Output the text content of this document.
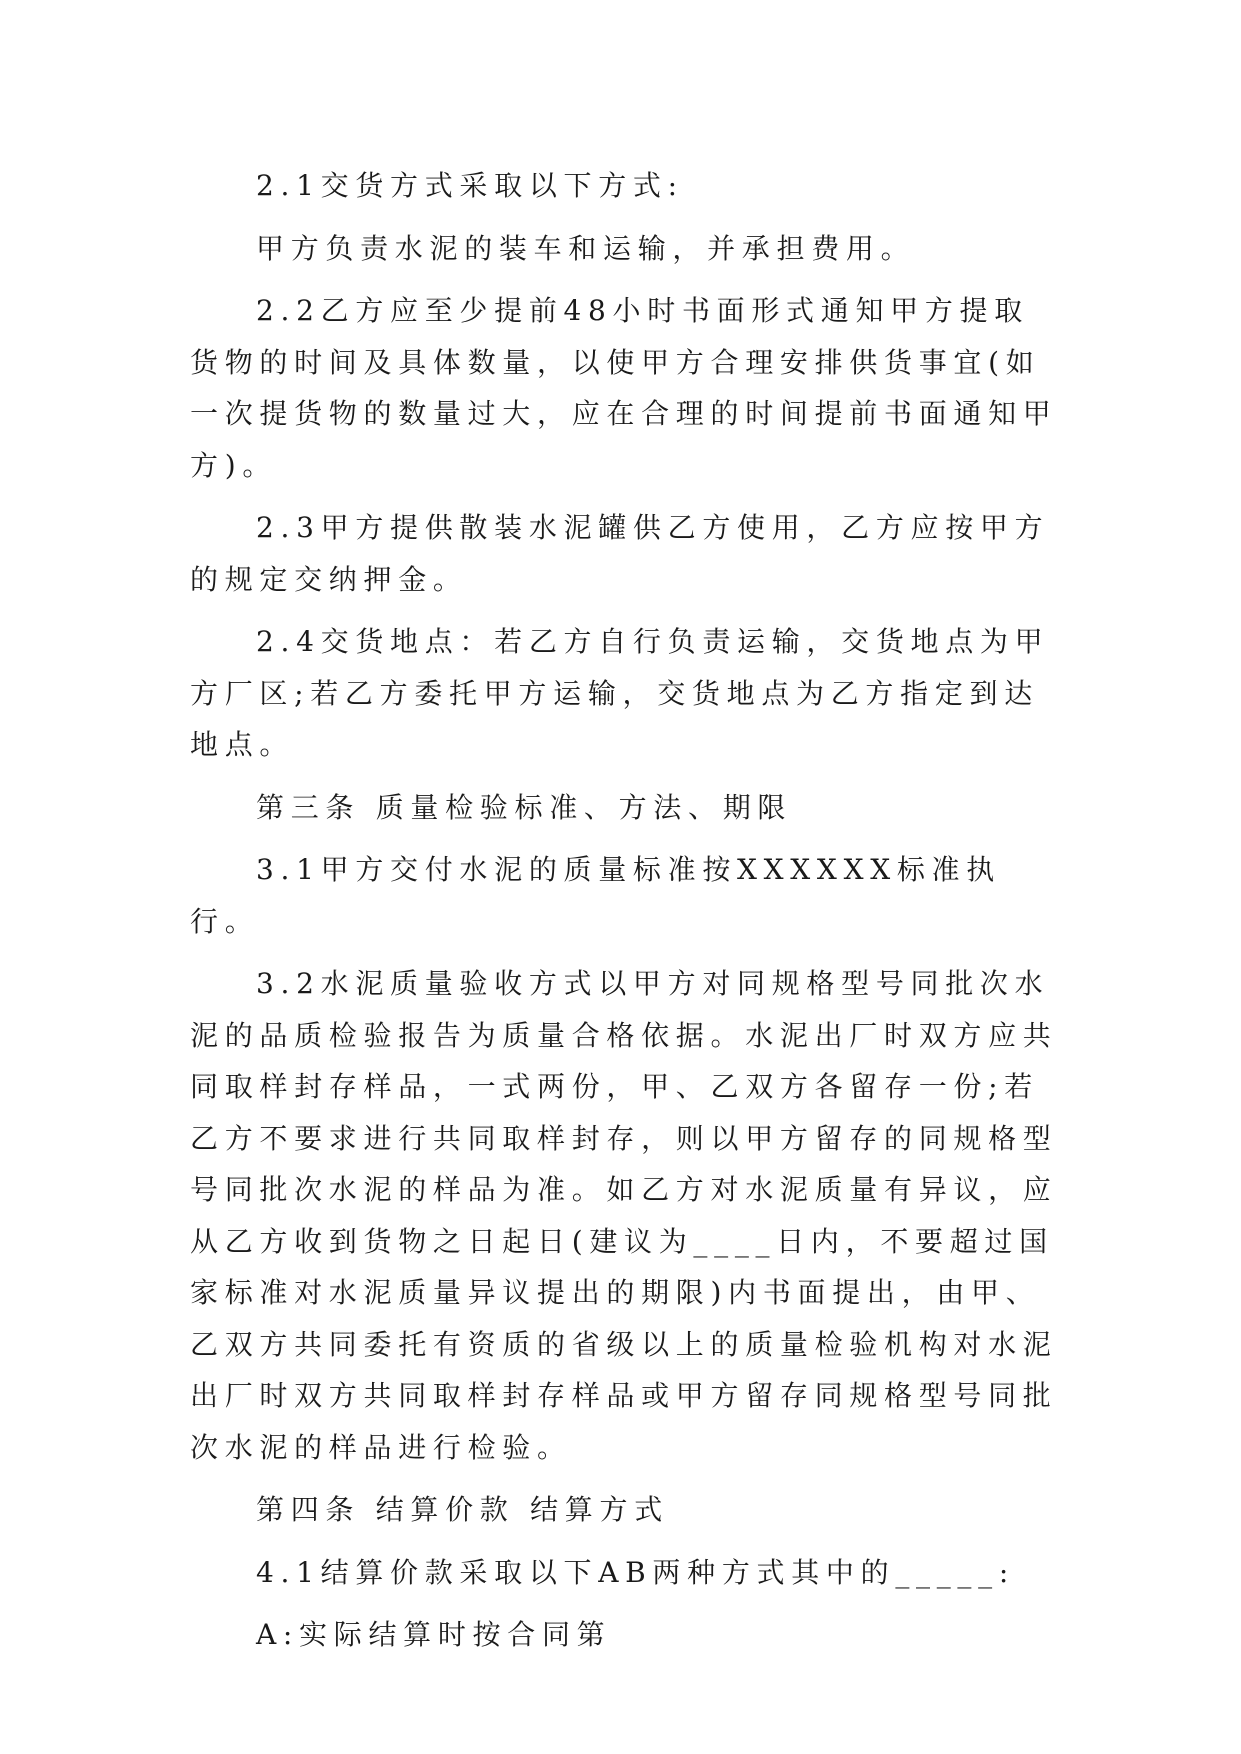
2.1交货方式采取以下方式:

甲方负责水泥的装车和运输，并承担费用。

2.2乙方应至少提前48小时书面形式通知甲方提取货物的时间及具体数量，以使甲方合理安排供货事宜(如一次提货物的数量过大，应在合理的时间提前书面通知甲方)。

2.3甲方提供散装水泥罐供乙方使用，乙方应按甲方的规定交纳押金。

2.4交货地点：若乙方自行负责运输，交货地点为甲方厂区;若乙方委托甲方运输，交货地点为乙方指定到达地点。

第三条 质量检验标准、方法、期限

3.1甲方交付水泥的质量标准按XXXXXX标准执行。

3.2水泥质量验收方式以甲方对同规格型号同批次水泥的品质检验报告为质量合格依据。水泥出厂时双方应共同取样封存样品，一式两份，甲、乙双方各留存一份;若乙方不要求进行共同取样封存，则以甲方留存的同规格型号同批次水泥的样品为准。如乙方对水泥质量有异议，应从乙方收到货物之日起日(建议为____日内，不要超过国家标准对水泥质量异议提出的期限)内书面提出，由甲、乙双方共同委托有资质的省级以上的质量检验机构对水泥出厂时双方共同取样封存样品或甲方留存同规格型号同批次水泥的样品进行检验。

第四条 结算价款 结算方式

4.1结算价款采取以下AB两种方式其中的_____:

A:实际结算时按合同第
